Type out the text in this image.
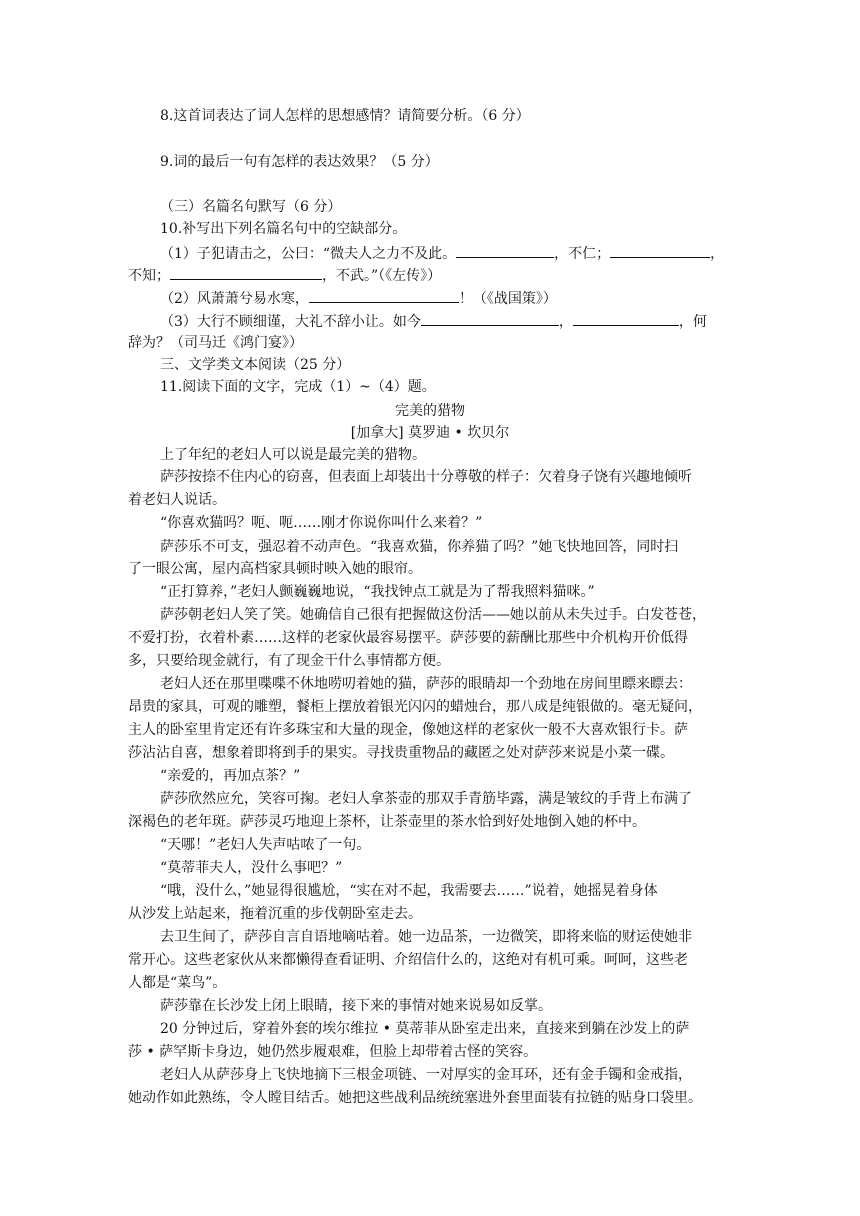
8.这首词表达了词人怎样的思想感情？请简要分析。（6 分）
9.词的最后一句有怎样的表达效果？（5 分）
（三）名篇名句默写（6 分）
10.补写出下列名篇名句中的空缺部分。
（1）子犯请击之，公曰：“微夫人之力不及此。	，不仁；	，
不知；	，不武。”（《左传》）
（2）风萧萧兮易水寒，	！（《战国策》）
（3）大行不顾细谨，大礼不辞小让。如今	，	，何
辞为？（司马迁《鸿门宴》）
三、文学类文本阅读（25 分）
11.阅读下面的文字，完成（1）~（4）题。
完美的猎物
[加拿大] 莫罗迪 • 坎贝尔
上了年纪的老妇人可以说是最完美的猎物。
萨莎按捺不住内心的窃喜，但表面上却装出十分尊敬的样子：欠着身子饶有兴趣地倾听
着老妇人说话。
“你喜欢猫吗？呃、呃……刚才你说你叫什么来着？”
萨莎乐不可支，强忍着不动声色。“我喜欢猫，你养猫了吗？”她飞快地回答，同时扫
了一眼公寓，屋内高档家具顿时映入她的眼帘。
“正打算养，”老妇人颤巍巍地说，“我找钟点工就是为了帮我照料猫咪。”
萨莎朝老妇人笑了笑。她确信自己很有把握做这份活——她以前从未失过手。白发苍苍，
不爱打扮，衣着朴素……这样的老家伙最容易摆平。萨莎要的薪酬比那些中介机构开价低得
多，只要给现金就行，有了现金干什么事情都方便。
老妇人还在那里喋喋不休地唠叨着她的猫，萨莎的眼睛却一个劲地在房间里瞟来瞟去：
昂贵的家具，可观的雕塑，餐柜上摆放着银光闪闪的蜡烛台，那八成是纯银做的。毫无疑问，
主人的卧室里肯定还有许多珠宝和大量的现金，像她这样的老家伙一般不大喜欢银行卡。萨
莎沾沾自喜，想象着即将到手的果实。寻找贵重物品的藏匿之处对萨莎来说是小菜一碟。
“亲爱的，再加点茶？”
萨莎欣然应允，笑容可掬。老妇人拿茶壶的那双手青筋毕露，满是皱纹的手背上布满了
深褐色的老年斑。萨莎灵巧地迎上茶杯，让茶壶里的茶水恰到好处地倒入她的杯中。
“天哪！”老妇人失声咕哝了一句。
“莫蒂菲夫人，没什么事吧？”
“哦，没什么，”她显得很尴尬，“实在对不起，我需要去……”说着，她摇晃着身体
从沙发上站起来，拖着沉重的步伐朝卧室走去。
去卫生间了，萨莎自言自语地嘀咕着。她一边品茶，一边微笑，即将来临的财运使她非
常开心。这些老家伙从来都懒得查看证明、介绍信什么的，这绝对有机可乘。呵呵，这些老
人都是“菜鸟”。
萨莎靠在长沙发上闭上眼睛，接下来的事情对她来说易如反掌。
20 分钟过后，穿着外套的埃尔维拉 • 莫蒂菲从卧室走出来，直接来到躺在沙发上的萨
莎 • 萨罕斯卡身边，她仍然步履艰难，但脸上却带着古怪的笑容。
老妇人从萨莎身上飞快地摘下三根金项链、一对厚实的金耳环，还有金手镯和金戒指，
她动作如此熟练，令人瞠目结舌。她把这些战利品统统塞进外套里面装有拉链的贴身口袋里。
